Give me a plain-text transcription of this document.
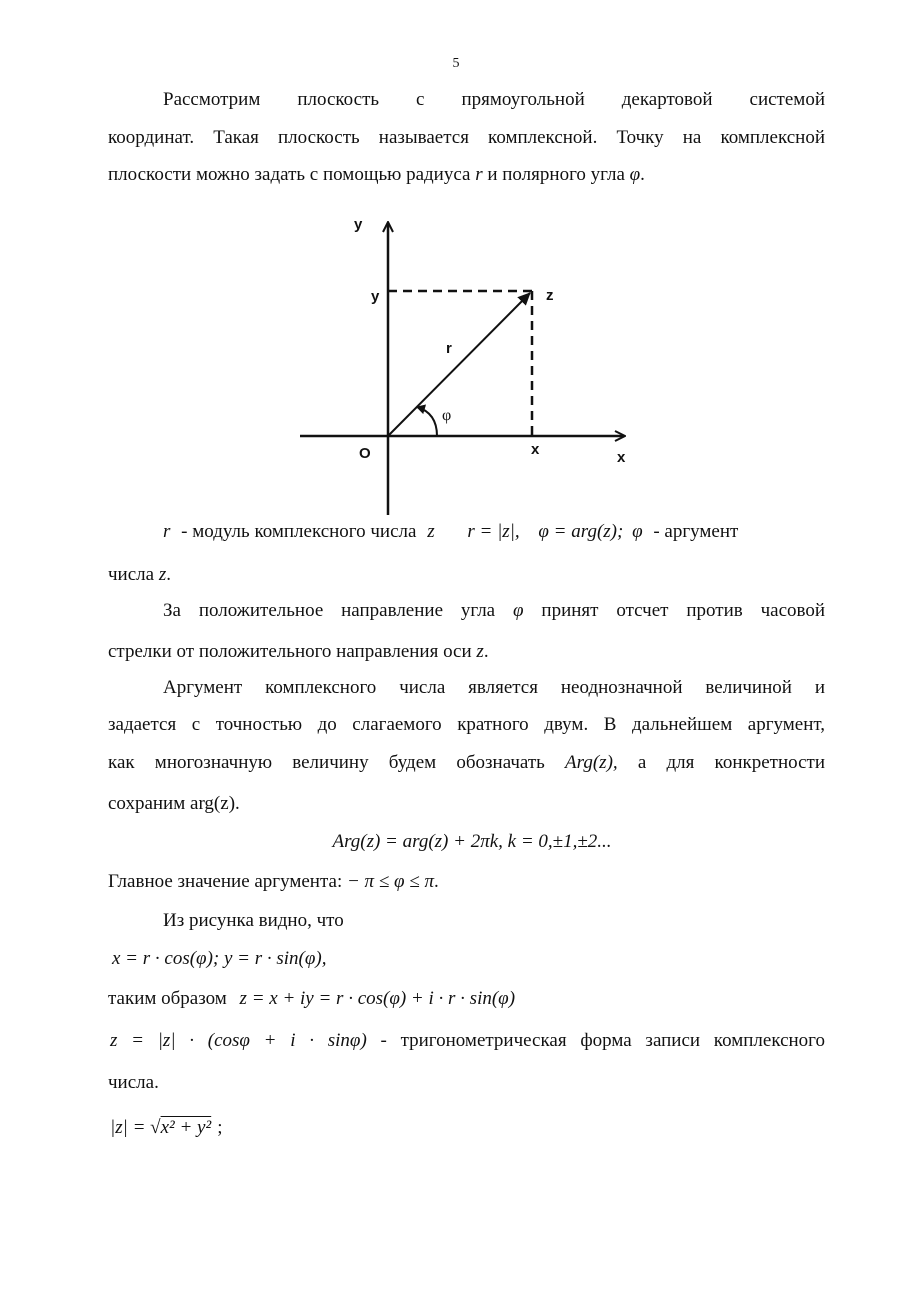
5
Рассмотрим плоскость с прямоугольной декартовой системой
координат. Такая плоскость называется комплексной. Точку на комплексной
плоскости можно задать с помощью радиуса r и полярного угла φ.
y
y	z
r
φ
O	x	x
r - модуль комплексного числа z r = |z|, φ = arg(z); φ - аргумент
числа z.
За положительное направление угла φ принят отсчет против часовой
стрелки от положительного направления оси z.
Аргумент комплексного числа является неоднозначной величиной и
задается с точностью до слагаемого кратного двум. В дальнейшем аргумент,
как многозначную величину будем обозначать Arg(z), а для конкретности
сохраним arg(z).
Arg(z) = arg(z) + 2πk, k = 0,±1,±2...
Главное значение аргумента: − π ≤ φ ≤ π.
Из рисунка видно, что
x = r · cos(φ); y = r · sin(φ),
таким образом z = x + iy = r · cos(φ) + i · r · sin(φ)
z = |z| · (cosφ + i · sinφ) - тригонометрическая форма записи комплексного
числа.
|z| = √x² + y² ;
